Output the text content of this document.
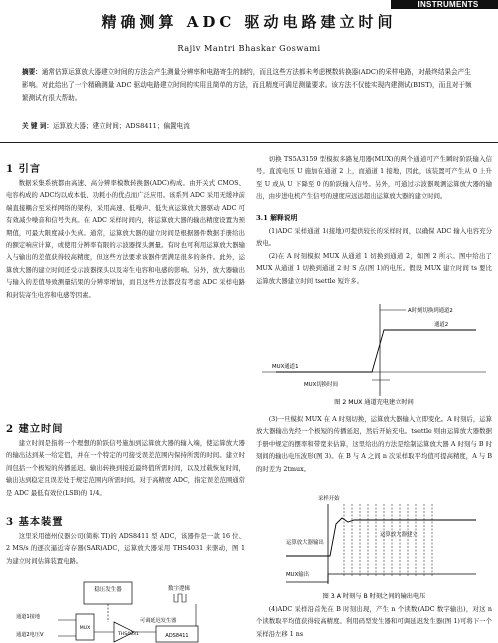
INSTRUMENTS
精确测算 ADC 驱动电路建立时间
Rajiv Mantri Bhaskar Goswami
摘要：通常估算运算放大器建立时间的方法会产生测量分辨率和电路寄生的制约，而且这些方法都未考虑模数转换器(ADC)的采样电路，对最终结果会产生影响。对此给出了一个精确测量 ADC 驱动电路建立时间的实用且简单的方法，而且精度可满足测量要求。该方法不仅能实现内建测试(BIST)，而且对于频繁测试有很大帮助。
关 键 词：运算放大器；建立时间；ADS8411；偏置电流
1 引言

数据采集系统都由高速、高分辨率模数转换器(ADC)构成。由开关式 CMOS、电容构成的 ADC均以成本低、功耗小的优点而广泛应用。该系列 ADC 采用无缓冲前端直接耦合至采样网络的架构，采用高速、低噪声、低失真运算放大器驱动 ADC 可有效减少噪音和信号失真。在 ADC 采样时间内，将运算放大器的输出精度设置为预期值，可最大限度减小失真。通常，运算放大器的建立时间是根据器件数据手册给出的额定响应计算，或使用分辨率有限的示波器探头测量。有时也可利用运算放大器输入与输出的差值获得较高精度，但这些方法要求该器件需满足很多的条件。此外，运算放大器的建立时间还受示波器探头以及寄生电容和电感的影响。另外，放大器输出与输入的差值导致测量结果的分辨率增加，而且这些方法都没有考虑 ADC 采样电路和封装寄生电容和电感等因素。

2 建立时间

建立时间是指将一个理想的阶跃信号施加到运算放大器的输入端，使运算放大器的输出达到某一给定值，并在一个特定的可接受误差范围内保持所需的时间。建立时间包括一个极短的传播延迟、输出转换到接近最终值所需时间，以及过载恢复时间，输出达到稳定且误差处于规定范围内所需时间。对于高精度 ADC，指定误差范围通常是 ADC 最低有效位(LSB)的 1/4。

3 基本装置

这里采用德州仪器公司(简称 TI)的 ADS8411 型 ADC，该器件是一款 16 位、2 MS/s 的逐次逼近寄存器(SAR)ADC，运算放大器采用 THS4031 来驱动，图 1 为建立时间估算装置电路。

稳压发生器	数字逻辑
可调延迟发生器
通道1接地
通道2电压V
MUX
THS4031	ADS8411

切换 TS5A3159 型模拟多路复用器(MUX)的两个通道可产生瞬时阶跃输入信号。直流电压 U 施加在通道 2 上，而通道 1 接地，因此，该装置可产生从 0 上升至 U 或从 U 下降至 0 的阶跃输入信号。另外，可通过示波器观测运算放大器的输出，由步进电机产生信号的速度应远远超出运算放大器的建立时间。

3.1 解释说明

(1)ADC 采样通道 1(接地)可提供较长的采样时间，以确保 ADC 输入电容充分放电。

(2)在 A 时刻模拟 MUX 从通道 1 切换到通道 2，如图 2 所示。图中给出了 MUX 从通道 1 切换到通道 2 时 S 点(图 1)的电压。假设 MUX 建立时间 ts 要比运算放大器建立时间 tsettle 短许多。

A时刻切换到通道2
MUX通道1
通道2
MUX切换时间
图 2 MUX 通道充电建立时间

(3)一旦模拟 MUX 在 A 时刻切换，运算放大器输入立即变化。A 时刻后，运算放大器输出先经一个极短的传播延迟，然后开始充电。tsettle 则由运算放大器数据手册中规定的摆率和带宽来估算，这里给出的方法是绘制运算放大器 A 时刻与 B 时刻间的输出电压波形(图 3)。在 B 与 A 之间 n 次采样取平均值可提高精度，A 与 B 的时差为 2tmux。

采样开始
运算放大器输出
运算放大器建立
MUX输出
图 3 A 时刻与 B 时刻之间的输出电压

(4)ADC 采样沿首先在 B 时刻出现，产生 n 个读数(ADC 数字输出)，对这 n 个读数取平均值获得较高精度。利用码型发生器和可调延迟发生器(图 1)可将下一个采样沿左移 1 ns
